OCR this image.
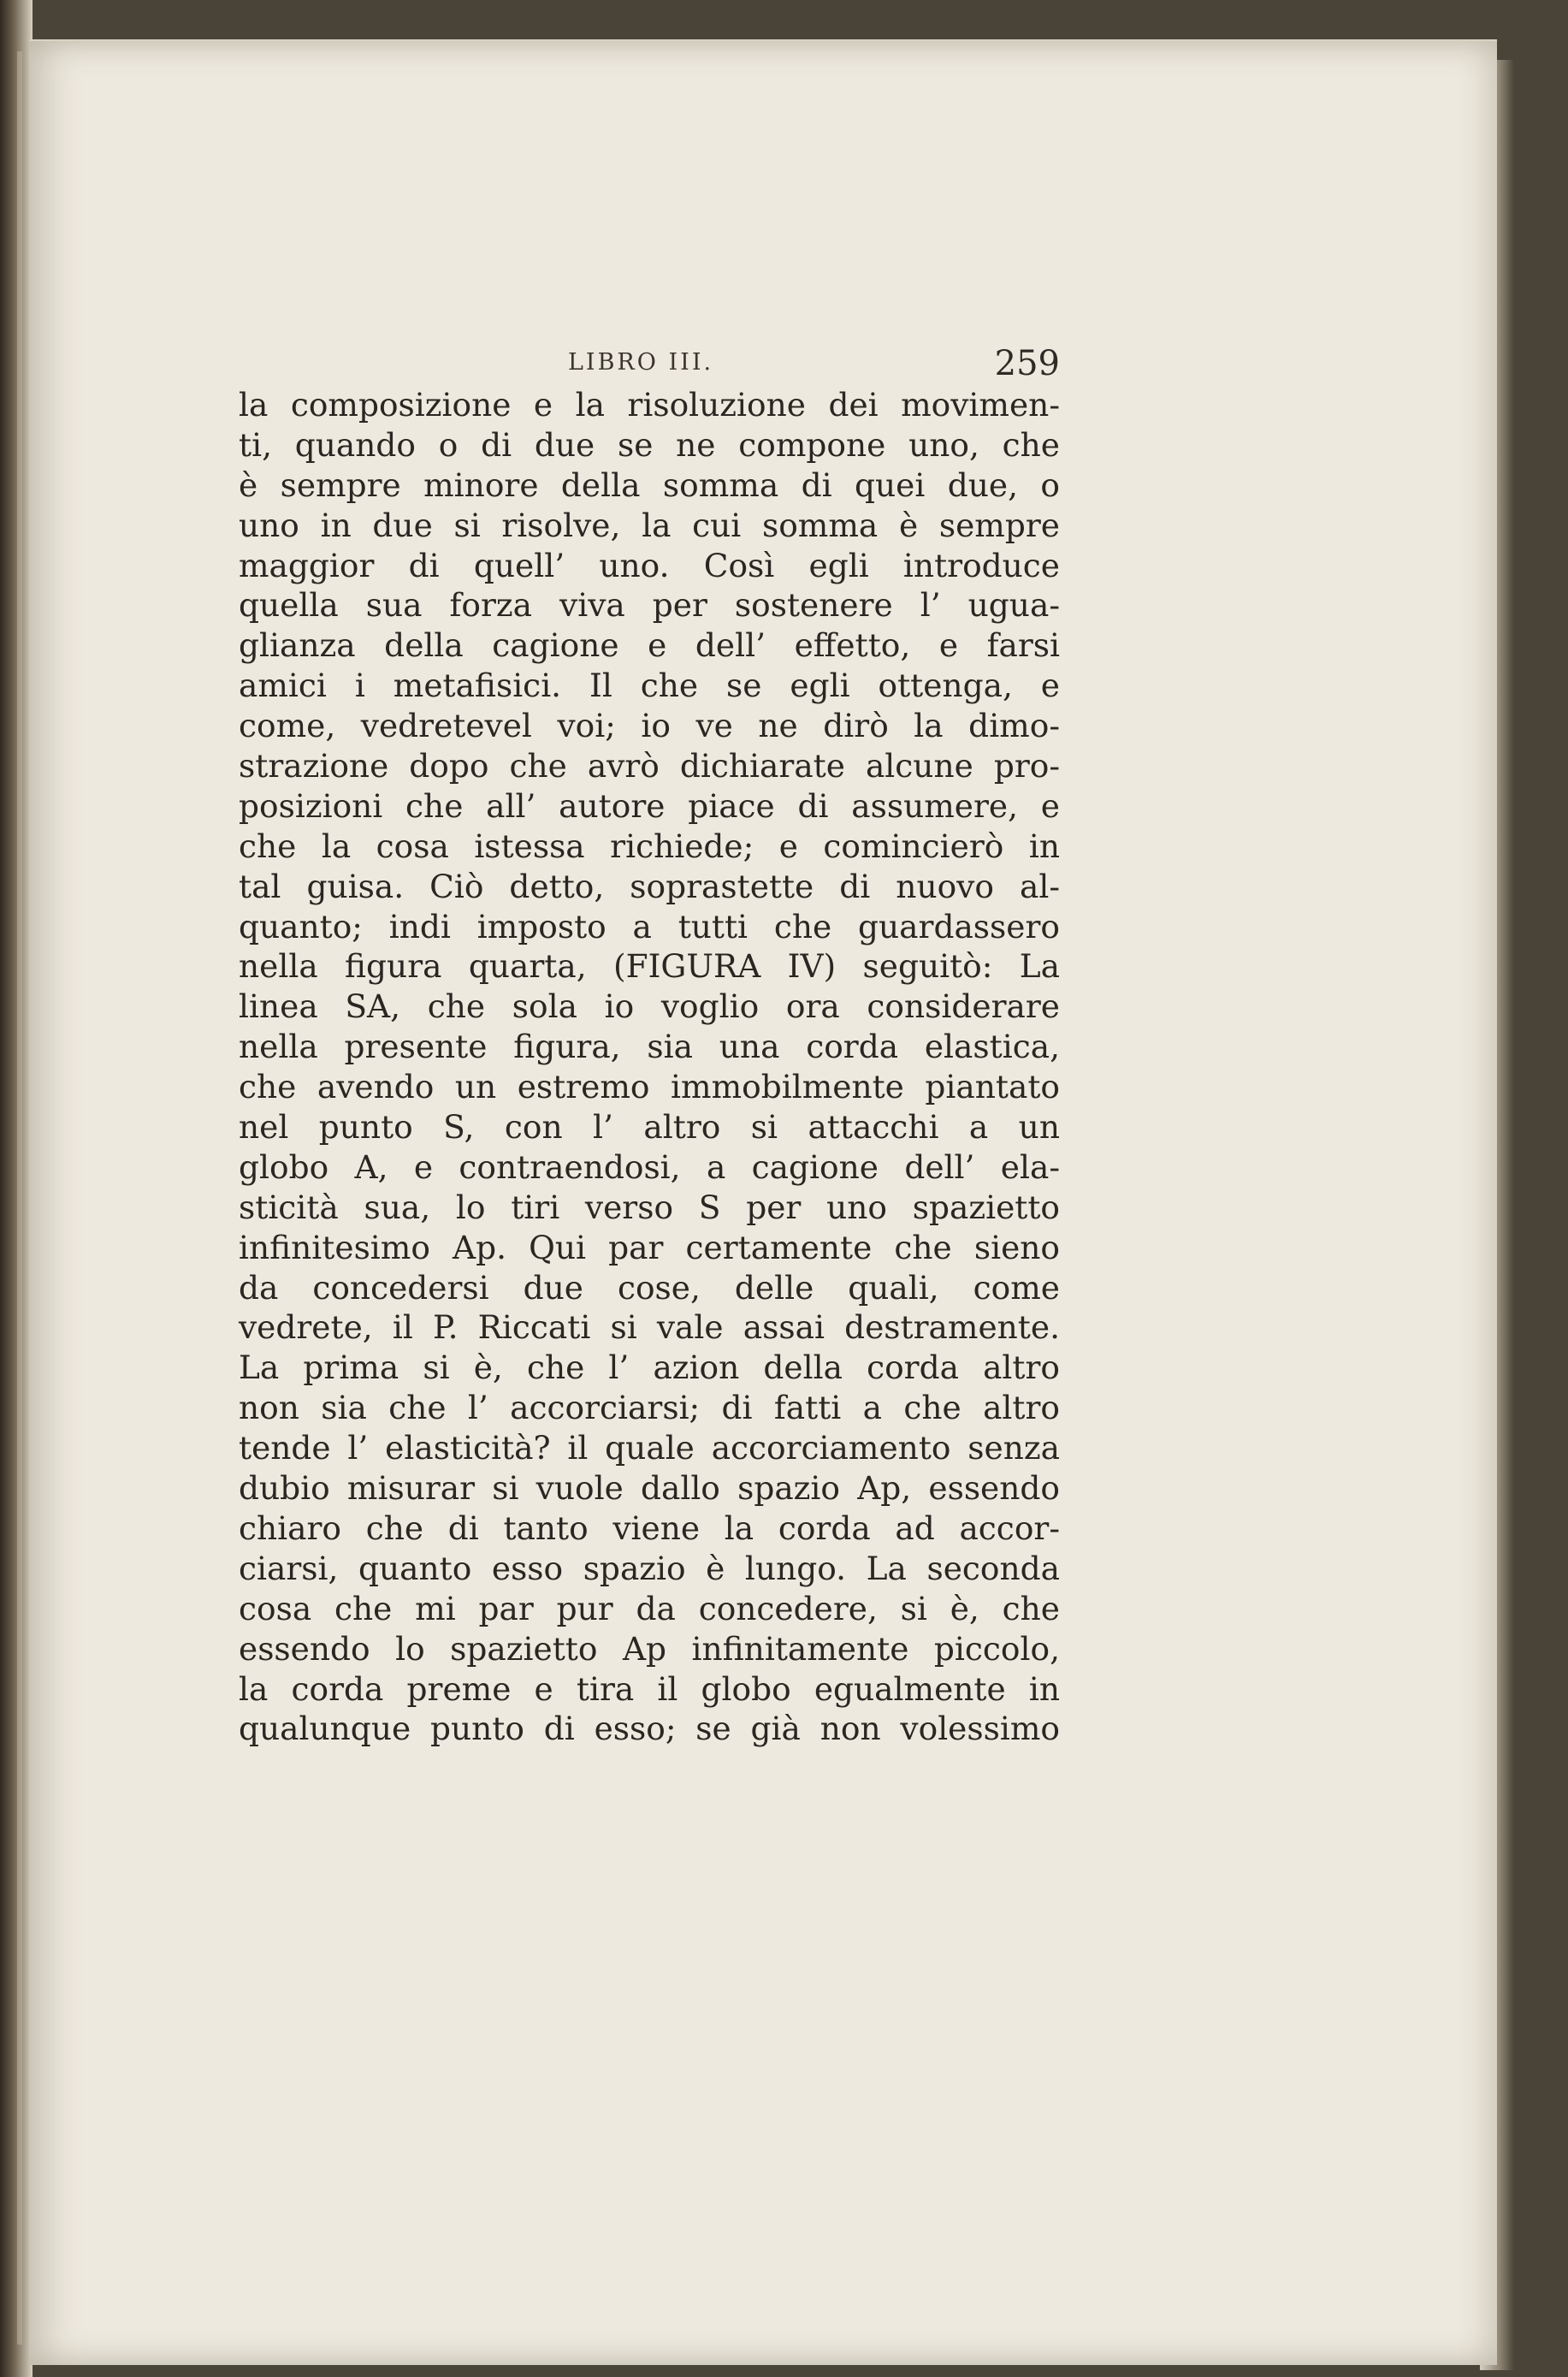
LIBRO III.	259
la composizione e la risoluzione dei movimen-
ti, quando o di due se ne compone uno, che
è sempre minore della somma di quei due, o
uno in due si risolve, la cui somma è sempre
maggior di quell’ uno. Così egli introduce
quella sua forza viva per sostenere l’ ugua-
glianza della cagione e dell’ effetto, e farsi
amici i metafisici. Il che se egli ottenga, e
come, vedretevel voi; io ve ne dirò la dimo-
strazione dopo che avrò dichiarate alcune pro-
posizioni che all’ autore piace di assumere, e
che la cosa istessa richiede; e comincierò in
tal guisa. Ciò detto, soprastette di nuovo al-
quanto; indi imposto a tutti che guardassero
nella figura quarta, (FIGURA IV) seguitò: La
linea SA, che sola io voglio ora considerare
nella presente figura, sia una corda elastica,
che avendo un estremo immobilmente piantato
nel punto S, con l’ altro si attacchi a un
globo A, e contraendosi, a cagione dell’ ela-
sticità sua, lo tiri verso S per uno spazietto
infinitesimo Ap. Qui par certamente che sieno
da concedersi due cose, delle quali, come
vedrete, il P. Riccati si vale assai destramente.
La prima si è, che l’ azion della corda altro
non sia che l’ accorciarsi; di fatti a che altro
tende l’ elasticità? il quale accorciamento senza
dubio misurar si vuole dallo spazio Ap, essendo
chiaro che di tanto viene la corda ad accor-
ciarsi, quanto esso spazio è lungo. La seconda
cosa che mi par pur da concedere, si è, che
essendo lo spazietto Ap infinitamente piccolo,
la corda preme e tira il globo egualmente in
qualunque punto di esso; se già non volessimo
